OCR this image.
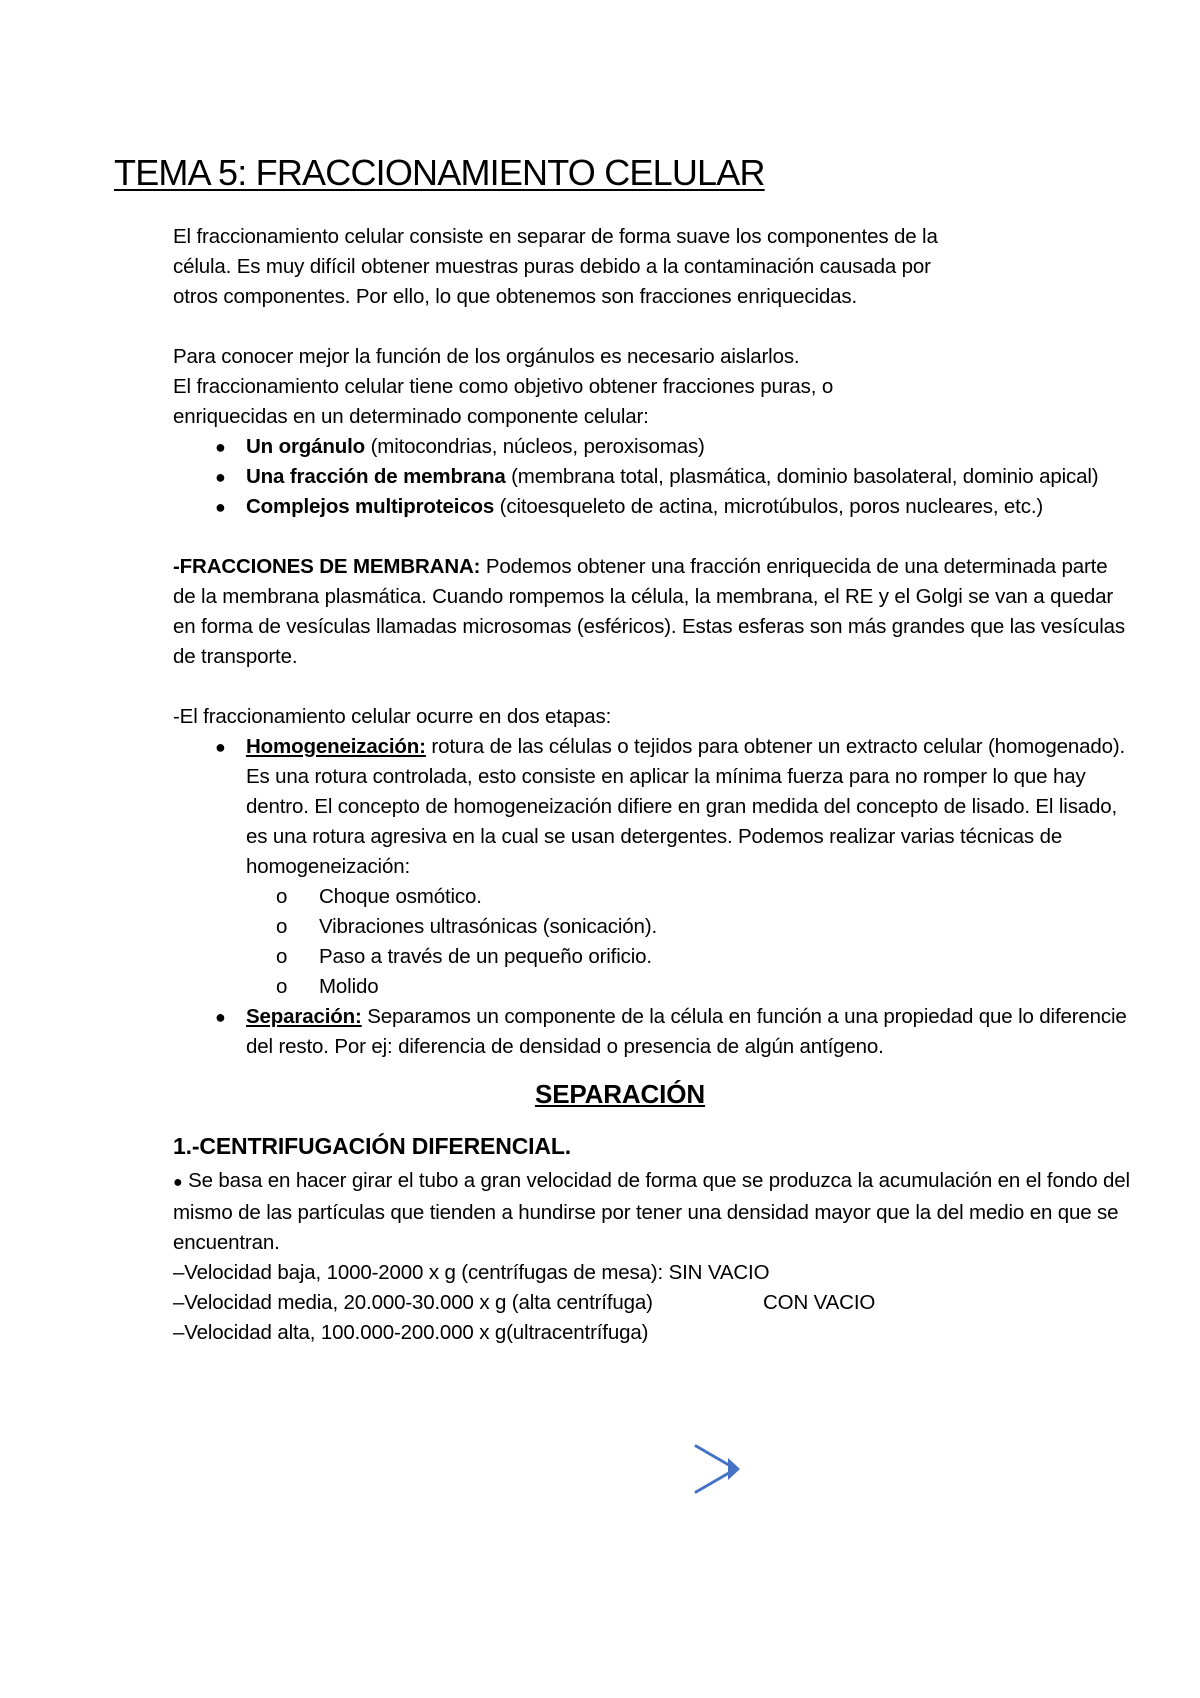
TEMA 5: FRACCIONAMIENTO CELULAR

El fraccionamiento celular consiste en separar de forma suave los componentes de la

célula. Es muy difícil obtener muestras puras debido a la contaminación causada por

otros componentes. Por ello, lo que obtenemos son fracciones enriquecidas.

Para conocer mejor la función de los orgánulos es necesario aislarlos.

El fraccionamiento celular tiene como objetivo obtener fracciones puras, o

enriquecidas en un determinado componente celular:

● Un orgánulo (mitocondrias, núcleos, peroxisomas)
● Una fracción de membrana (membrana total, plasmática, dominio basolateral, dominio apical)
● Complejos multiproteicos (citoesqueleto de actina, microtúbulos, poros nucleares, etc.)

-FRACCIONES DE MEMBRANA: Podemos obtener una fracción enriquecida de una determinada parte de la membrana plasmática. Cuando rompemos la célula, la membrana, el RE y el Golgi se van a quedar en forma de vesículas llamadas microsomas (esféricos). Estas esferas son más grandes que las vesículas de transporte.

-El fraccionamiento celular ocurre en dos etapas:

● Homogeneización: rotura de las células o tejidos para obtener un extracto celular (homogenado). Es una rotura controlada, esto consiste en aplicar la mínima fuerza para no romper lo que hay dentro. El concepto de homogeneización difiere en gran medida del concepto de lisado. El lisado, es una rotura agresiva en la cual se usan detergentes. Podemos realizar varias técnicas de homogeneización:
o Choque osmótico.
o Vibraciones ultrasónicas (sonicación).
o Paso a través de un pequeño orificio.
o Molido
● Separación: Separamos un componente de la célula en función a una propiedad que lo diferencie del resto. Por ej: diferencia de densidad o presencia de algún antígeno.
SEPARACIÓN
1.-CENTRIFUGACIÓN DIFERENCIAL.

● Se basa en hacer girar el tubo a gran velocidad de forma que se produzca la acumulación en el fondo del mismo de las partículas que tienden a hundirse por tener una densidad mayor que la del medio en que se encuentran.

–Velocidad baja, 1000-2000 x g (centrífugas de mesa): SIN VACIO
–Velocidad media, 20.000-30.000 x g (alta centrífuga)	CON VACIO
–Velocidad alta, 100.000-200.000 x g(ultracentrífuga)
